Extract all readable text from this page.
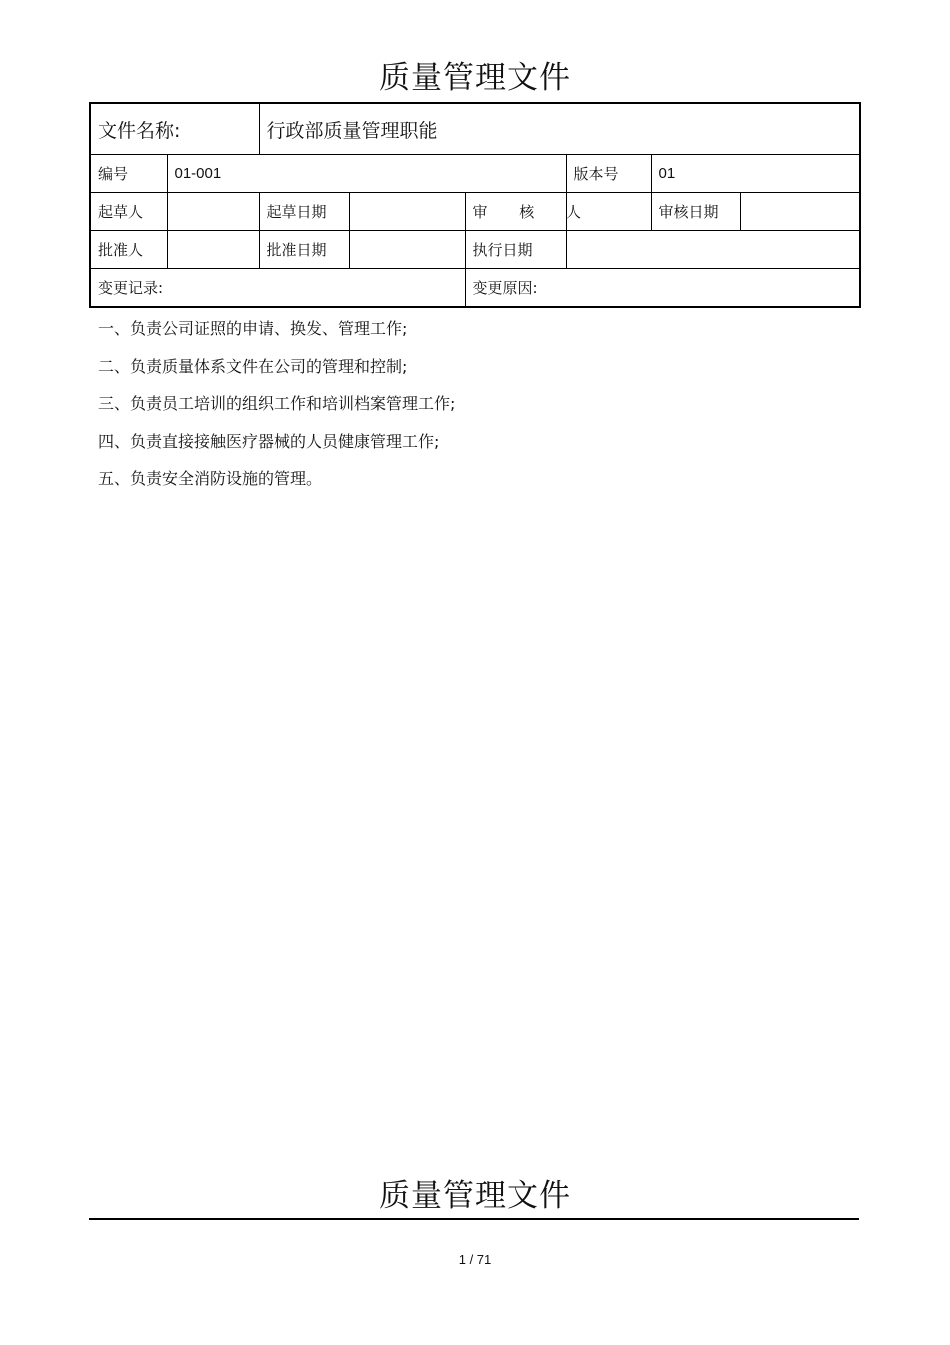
质量管理文件
文件名称:		行政部质量管理职能					
编号	01-001				版本号	01	
起草人		起草日期		审 核 人		审核日期	
批准人		批准日期		执行日期			
变更记录:				变更原因:			
一、负责公司证照的申请、换发、管理工作;
二、负责质量体系文件在公司的管理和控制;
三、负责员工培训的组织工作和培训档案管理工作;
四、负责直接接触医疗器械的人员健康管理工作;
五、负责安全消防设施的管理。
质量管理文件
1 / 71
